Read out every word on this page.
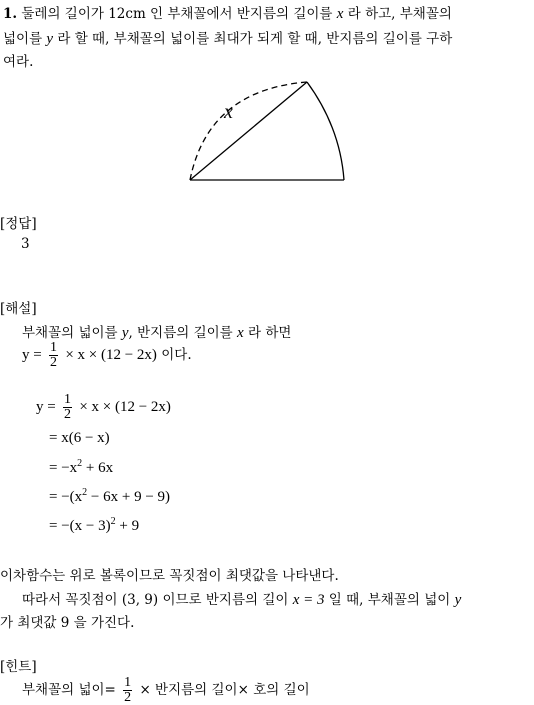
1. 둘레의 길이가 12cm 인 부채꼴에서 반지름의 길이를 x 라 하고, 부채꼴의
넓이를 y 라 할 때, 부채꼴의 넓이를 최대가 되게 할 때, 반지름의 길이를 구하
여라.
x
[정답]
3
[해설]
부채꼴의 넓이를 y, 반지름의 길이를 x 라 하면
$y = \frac{1}{2} \times x \times (12 - 2x)$ 이다.
$y = \frac{1}{2} \times x \times (12 - 2x)$
= x(6 − x)
= $-x^2 + 6x$
= $-(x^2 - 6x + 9 - 9)$
= $-(x - 3)^2 + 9$
이차함수는 위로 볼록이므로 꼭짓점이 최댓값을 나타낸다.
따라서 꼭짓점이 (3, 9) 이므로 반지름의 길이 x = 3 일 때, 부채꼴의 넓이 y
가 최댓값 9 을 가진다.
[힌트]
부채꼴의 넓이= $\frac{1}{2}$ × 반지름의 길이× 호의 길이
